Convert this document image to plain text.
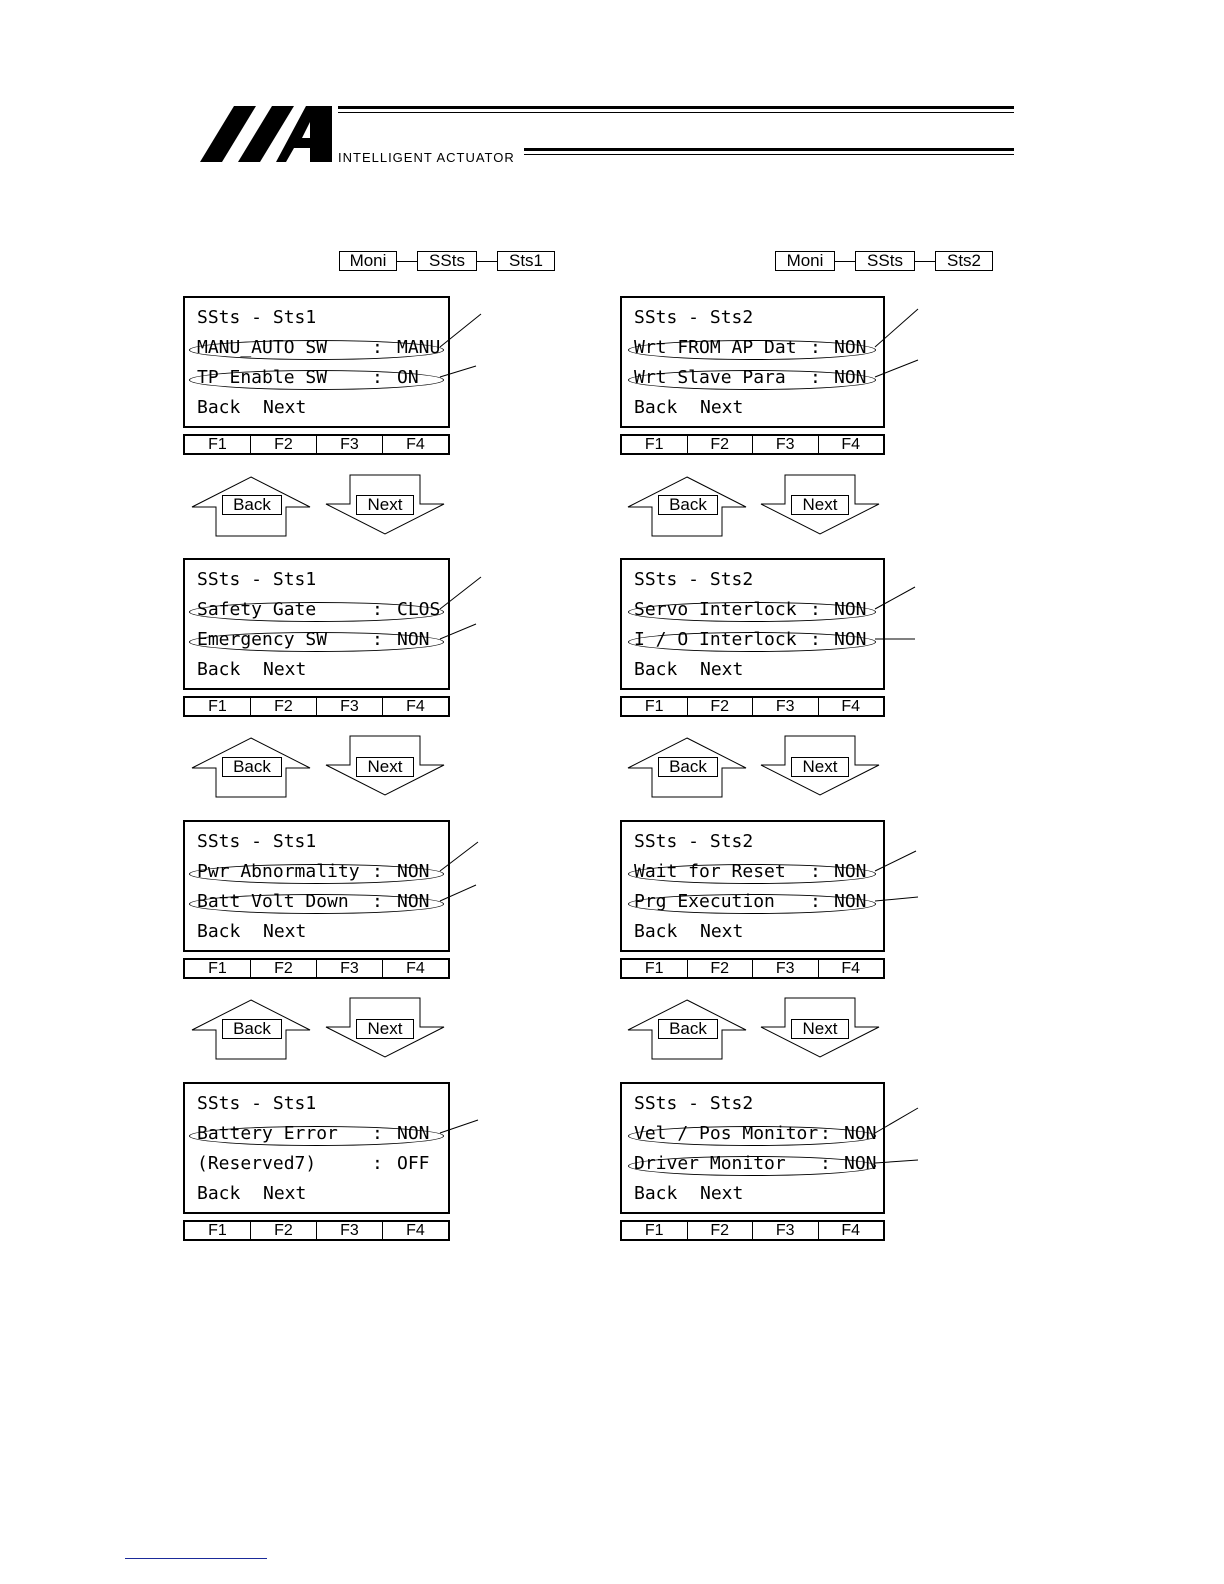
INTELLIGENT ACTUATOR
Moni	SSts	Sts1	Moni	SSts	Sts2
SSts - Sts1
MANU_AUTO SW : MANU
TP Enable SW : ON
Back Next
F1	F2	F3	F4
SSts - Sts1
Safety Gate	: CLOS
Emergency SW : NON
Back Next
F1	F2	F3	F4
SSts - Sts1
Pwr Abnormality : NON
Batt Volt Down : NON
Back Next
F1	F2	F3	F4
SSts - Sts1
Battery Error : NON
(Reserved7)	: OFF
Back Next
F1	F2	F3	F4
SSts - Sts2
Wrt FROM AP Dat : NON
Wrt Slave Para : NON
Back Next
F1	F2	F3	F4
SSts - Sts2
Servo Interlock : NON
I / O Interlock : NON
Back Next
F1	F2	F3	F4
SSts - Sts2
Wait for Reset : NON
Prg Execution : NON
Back Next
F1	F2	F3	F4
SSts - Sts2
Vel / Pos Monitor : NON
Driver Monitor : NON
Back Next
F1	F2	F3	F4
Back	Next	Back	Next
Back	Next	Back	Next
Back	Next	Back	Next
